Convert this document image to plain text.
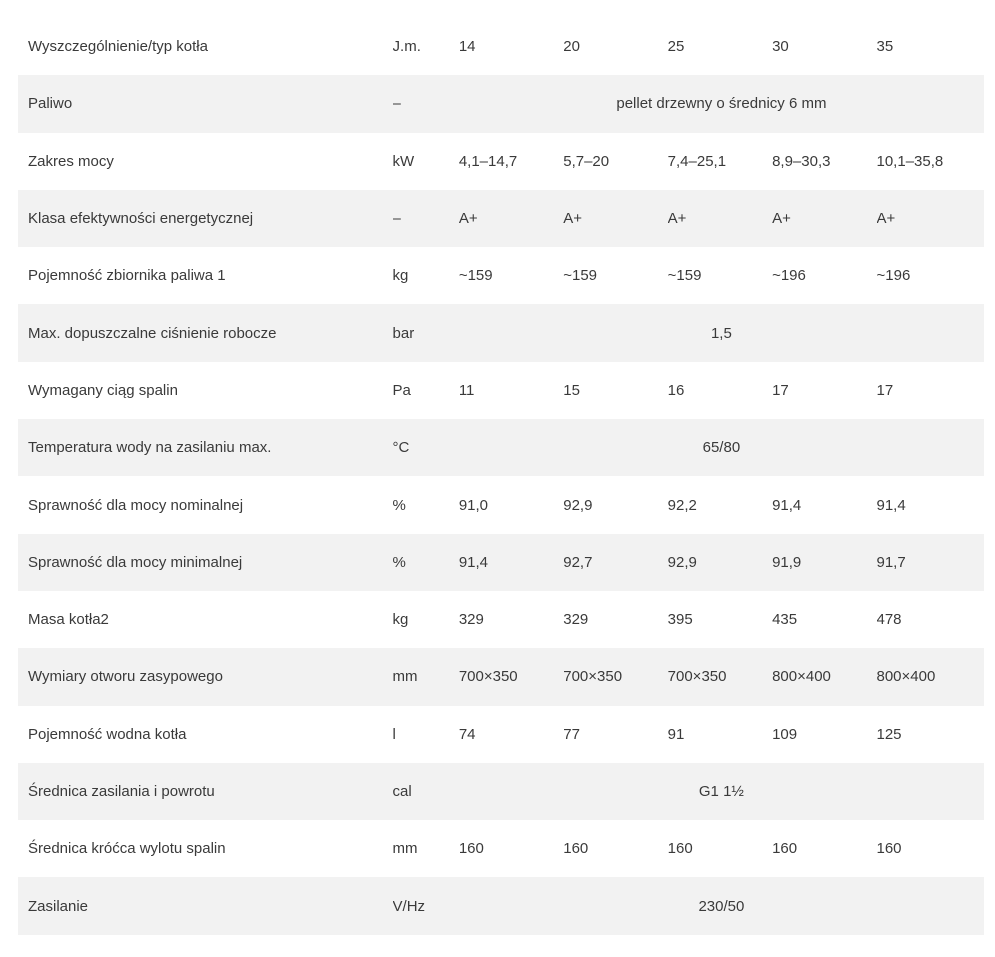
Wyszczególnienie/typ kotła	J.m.	14	20	25	30	35
Paliwo	–	pellet drzewny o średnicy 6 mm				
Zakres mocy	kW	4,1–14,7	5,7–20	7,4–25,1	8,9–30,3	10,1–35,8
Klasa efektywności energetycznej	–	A+	A+	A+	A+	A+
Pojemność zbiornika paliwa 1	kg	~159	~159	~159	~196	~196
Max. dopuszczalne ciśnienie robocze	bar	1,5				
Wymagany ciąg spalin	Pa	11	15	16	17	17
Temperatura wody na zasilaniu max.	°C	65/80				
Sprawność dla mocy nominalnej	%	91,0	92,9	92,2	91,4	91,4
Sprawność dla mocy minimalnej	%	91,4	92,7	92,9	91,9	91,7
Masa kotła2	kg	329	329	395	435	478
Wymiary otworu zasypowego	mm	700×350	700×350	700×350	800×400	800×400
Pojemność wodna kotła	l	74	77	91	109	125
Średnica zasilania i powrotu	cal	G1 1½				
Średnica króćca wylotu spalin	mm	160	160	160	160	160
Zasilanie	V/Hz	230/50				
